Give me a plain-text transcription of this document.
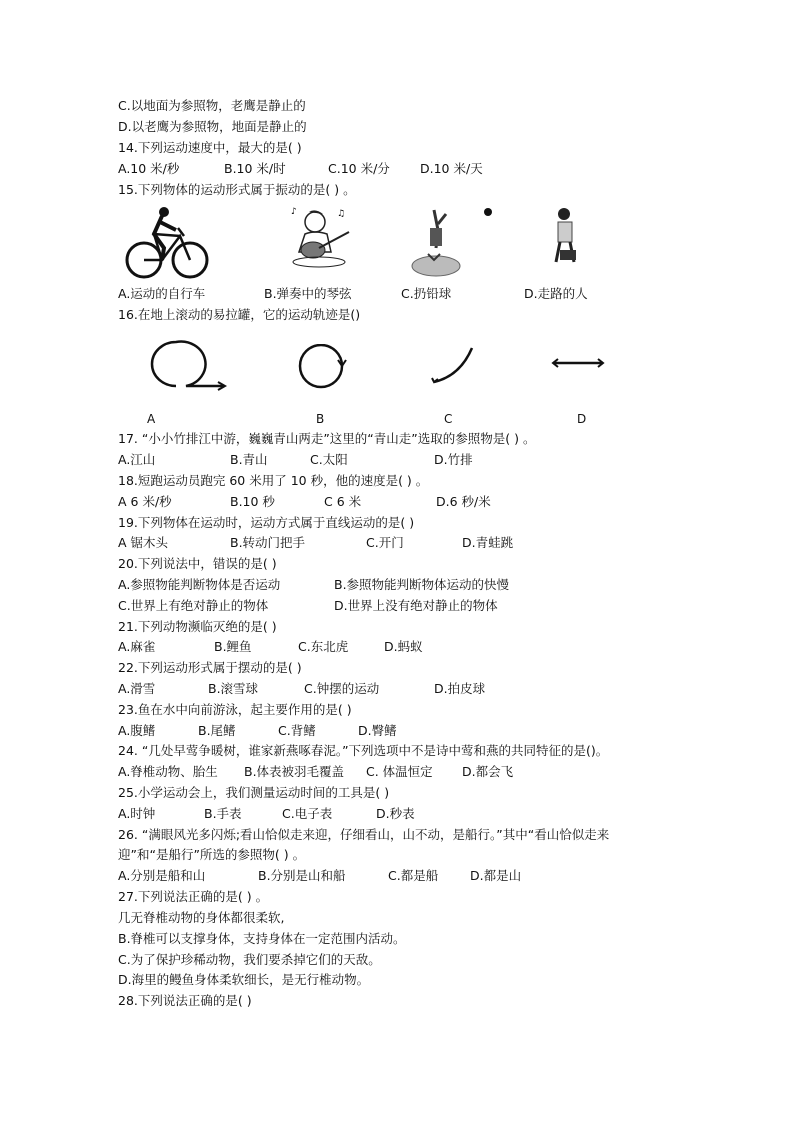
C.以地面为参照物，老鹰是静止的
D.以老鹰为参照物，地面是静止的
14.下列运动速度中，最大的是( )
A.10 米/秒	B.10 米/时	C.10 米/分 D.10 米/天
15.下列物体的运动形式属于振动的是( ) 。
♪	♫
A.运动的自行车	B.弹奏中的琴弦	C.扔铅球	D.走路的人
16.在地上滚动的易拉罐，它的运动轨迹是()
A	B	C	D
17. “小小竹排江中游，巍巍青山两走”这里的“青山走”选取的参照物是( ) 。
A.江山	B.青山	C.太阳	D.竹排
18.短跑运动员跑完 60 米用了 10 秒，他的速度是( ) 。
A 6 米/秒	B.10 秒	C 6 米	D.6 秒/米
19.下列物体在运动时，运动方式属于直线运动的是( )
A 锯木头	B.转动门把手	C.开门	D.青蛙跳
20.下列说法中，错误的是( )
A.参照物能判断物体是否运动	B.参照物能判断物体运动的快慢
C.世界上有绝对静止的物体	D.世界上没有绝对静止的物体
21.下列动物濒临灭绝的是( )
A.麻雀	B.鲤鱼	C.东北虎	D.蚂蚁
22.下列运动形式属于摆动的是( )
A.滑雪	B.滚雪球	C.钟摆的运动	D.拍皮球
23.鱼在水中向前游泳，起主要作用的是( )
A.腹鳍	B.尾鳍	C.背鳍	D.臀鳍
24. “几处早莺争暖树，谁家新燕啄春泥。”下列选项中不是诗中莺和燕的共同特征的是()。
A.脊椎动物、胎生 B.体表被羽毛覆盖 C. 体温恒定 D.都会飞
25.小学运动会上，我们测量运动时间的工具是( )
A.时钟	B.手表	C.电子表	D.秒表
26. “满眼风光多闪烁;看山恰似走来迎，仔细看山，山不动，是船行。”其中“看山恰似走来
迎”和“是船行”所选的参照物( ) 。
A.分别是船和山	B.分别是山和船	C.都是船	D.都是山
27.下列说法正确的是( ) 。
几无脊椎动物的身体都很柔软,
B.脊椎可以支撑身体，支持身体在一定范围内活动。
C.为了保护珍稀动物，我们要杀掉它们的天敌。
D.海里的鳗鱼身体柔软细长，是无行椎动物。
28.下列说法正确的是( )
